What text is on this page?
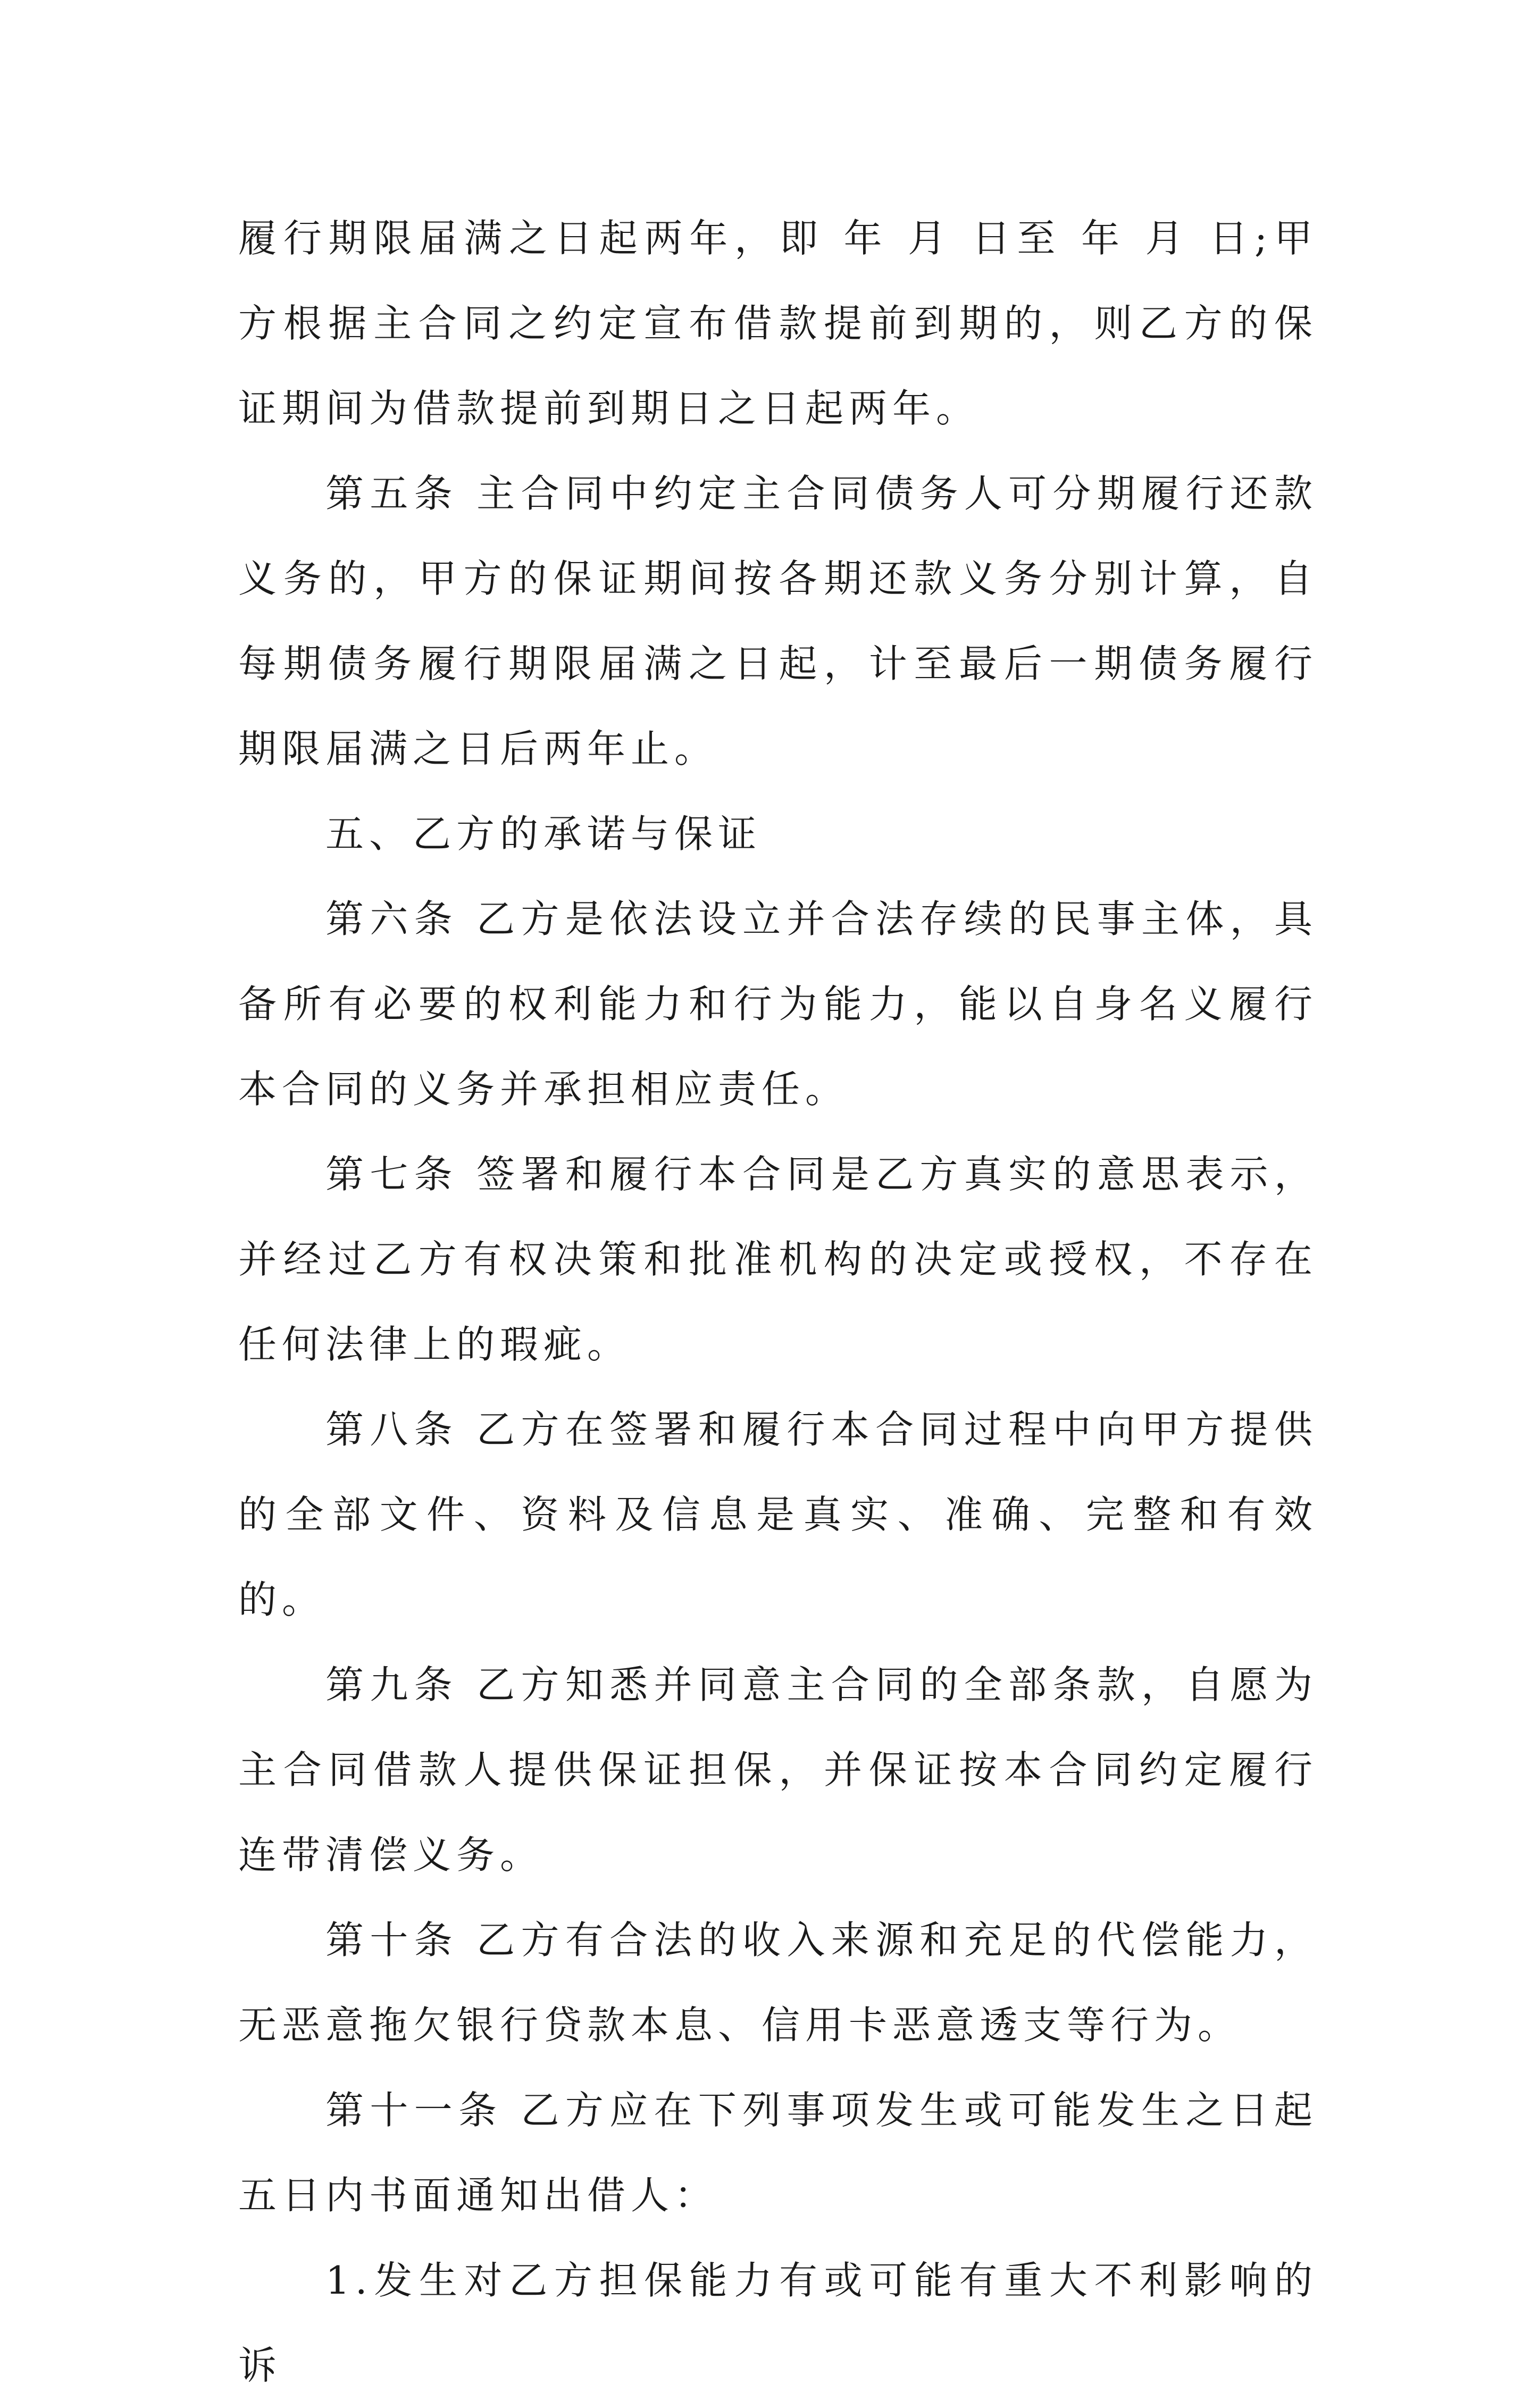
履行期限届满之日起两年，即 年 月 日至 年 月 日;甲方根据主合同之约定宣布借款提前到期的，则乙方的保证期间为借款提前到期日之日起两年。

第五条 主合同中约定主合同债务人可分期履行还款义务的，甲方的保证期间按各期还款义务分别计算，自每期债务履行期限届满之日起，计至最后一期债务履行期限届满之日后两年止。

五、乙方的承诺与保证

第六条 乙方是依法设立并合法存续的民事主体，具备所有必要的权利能力和行为能力，能以自身名义履行本合同的义务并承担相应责任。

第七条 签署和履行本合同是乙方真实的意思表示，并经过乙方有权决策和批准机构的决定或授权，不存在任何法律上的瑕疵。

第八条 乙方在签署和履行本合同过程中向甲方提供的全部文件、资料及信息是真实、准确、完整和有效的。

第九条 乙方知悉并同意主合同的全部条款，自愿为主合同借款人提供保证担保，并保证按本合同约定履行连带清偿义务。

第十条 乙方有合法的收入来源和充足的代偿能力，无恶意拖欠银行贷款本息、信用卡恶意透支等行为。

第十一条 乙方应在下列事项发生或可能发生之日起五日内书面通知出借人：

1.发生对乙方担保能力有或可能有重大不利影响的诉
